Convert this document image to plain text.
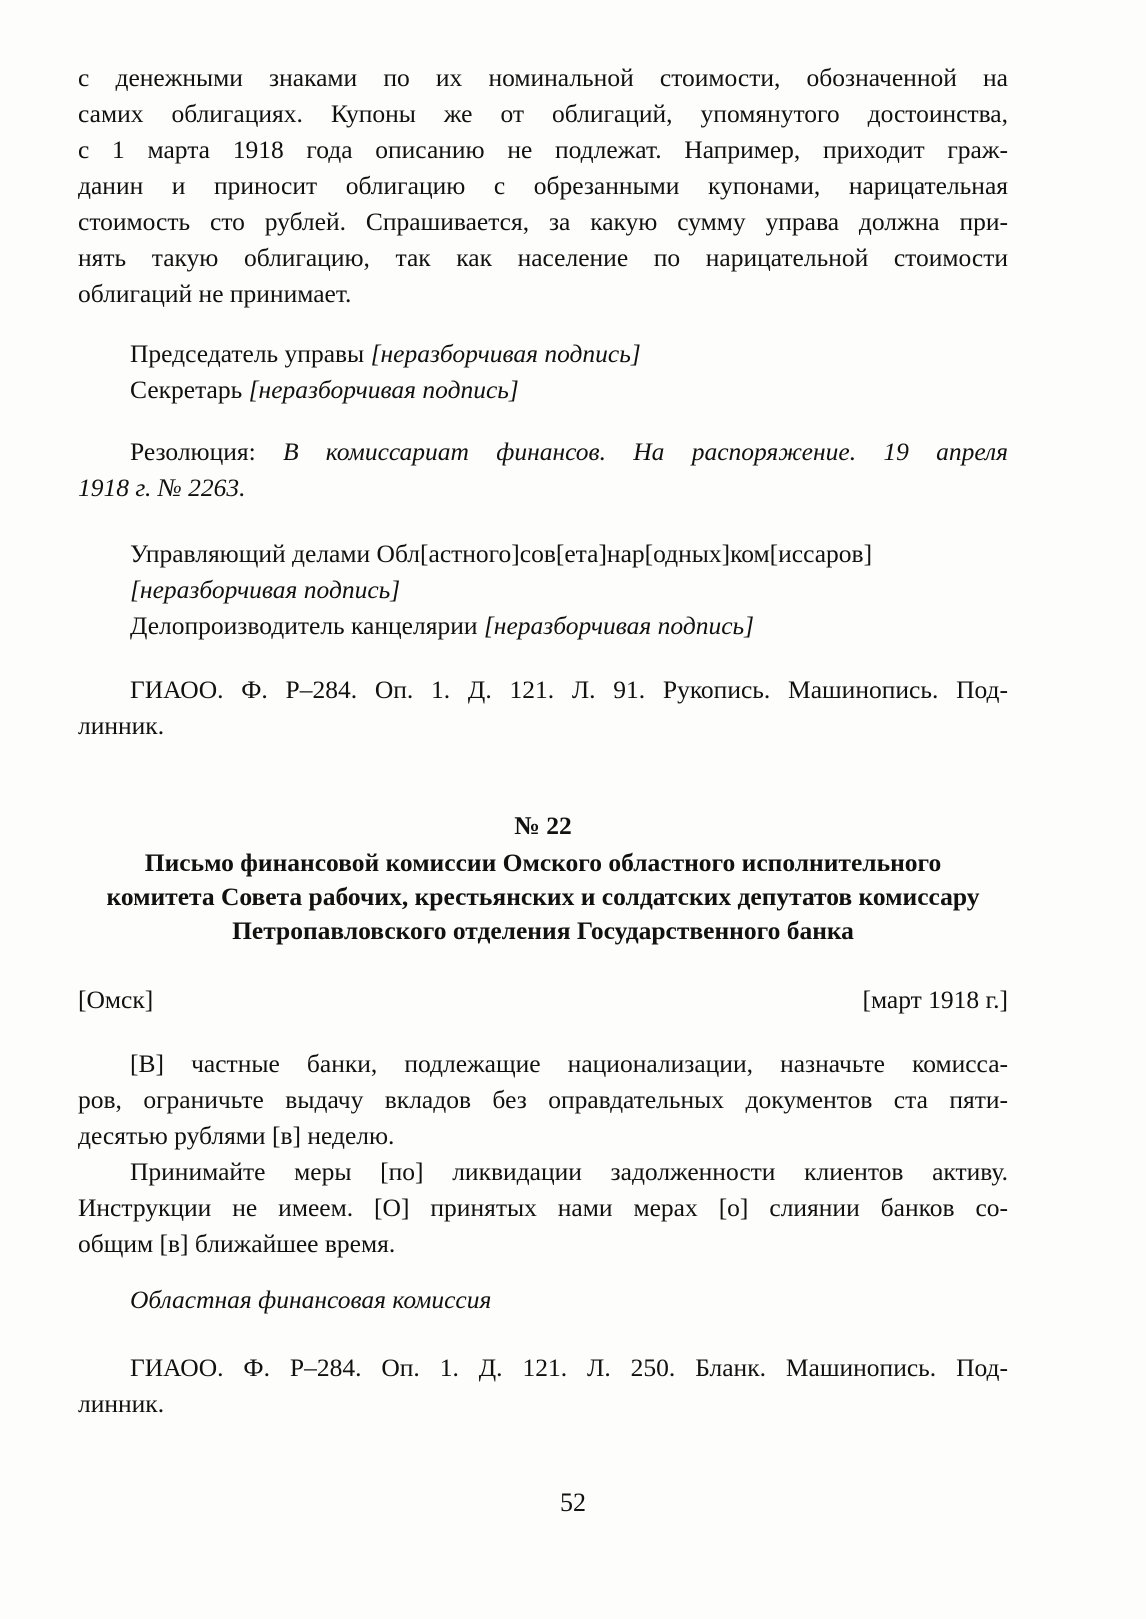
с денежными знаками по их номинальной стоимости, обозначенной на

самих облигациях. Купоны же от облигаций, упомянутого достоинства,

с 1 марта 1918 года описанию не подлежат. Например, приходит граж-

данин и приносит облигацию с обрезанными купонами, нарицательная

стоимость сто рублей. Спрашивается, за какую сумму управа должна при-

нять такую облигацию, так как население по нарицательной стоимости

облигаций не принимает.

Председатель управы [неразборчивая подпись]

Секретарь [неразборчивая подпись]

Резолюция: В комиссариат финансов. На распоряжение. 19 апреля

1918 г. № 2263.

Управляющий делами Обл[астного]сов[ета]нар[одных]ком[иссаров]

[неразборчивая подпись]

Делопроизводитель канцелярии [неразборчивая подпись]

ГИАОО. Ф. Р–284. Оп. 1. Д. 121. Л. 91. Рукопись. Машинопись. Под-

линник.

№ 22

Письмо финансовой комиссии Омского областного исполнительного

комитета Совета рабочих, крестьянских и солдатских депутатов комиссару

Петропавловского отделения Государственного банка

[Омск]	[март 1918 г.]

[В] частные банки, подлежащие национализации, назначьте комисса-

ров, ограничьте выдачу вкладов без оправдательных документов ста пяти-

десятью рублями [в] неделю.

Принимайте меры [по] ликвидации задолженности клиентов активу.

Инструкции не имеем. [О] принятых нами мерах [о] слиянии банков со-

общим [в] ближайшее время.

Областная финансовая комиссия

ГИАОО. Ф. Р–284. Оп. 1. Д. 121. Л. 250. Бланк. Машинопись. Под-

линник.

52
